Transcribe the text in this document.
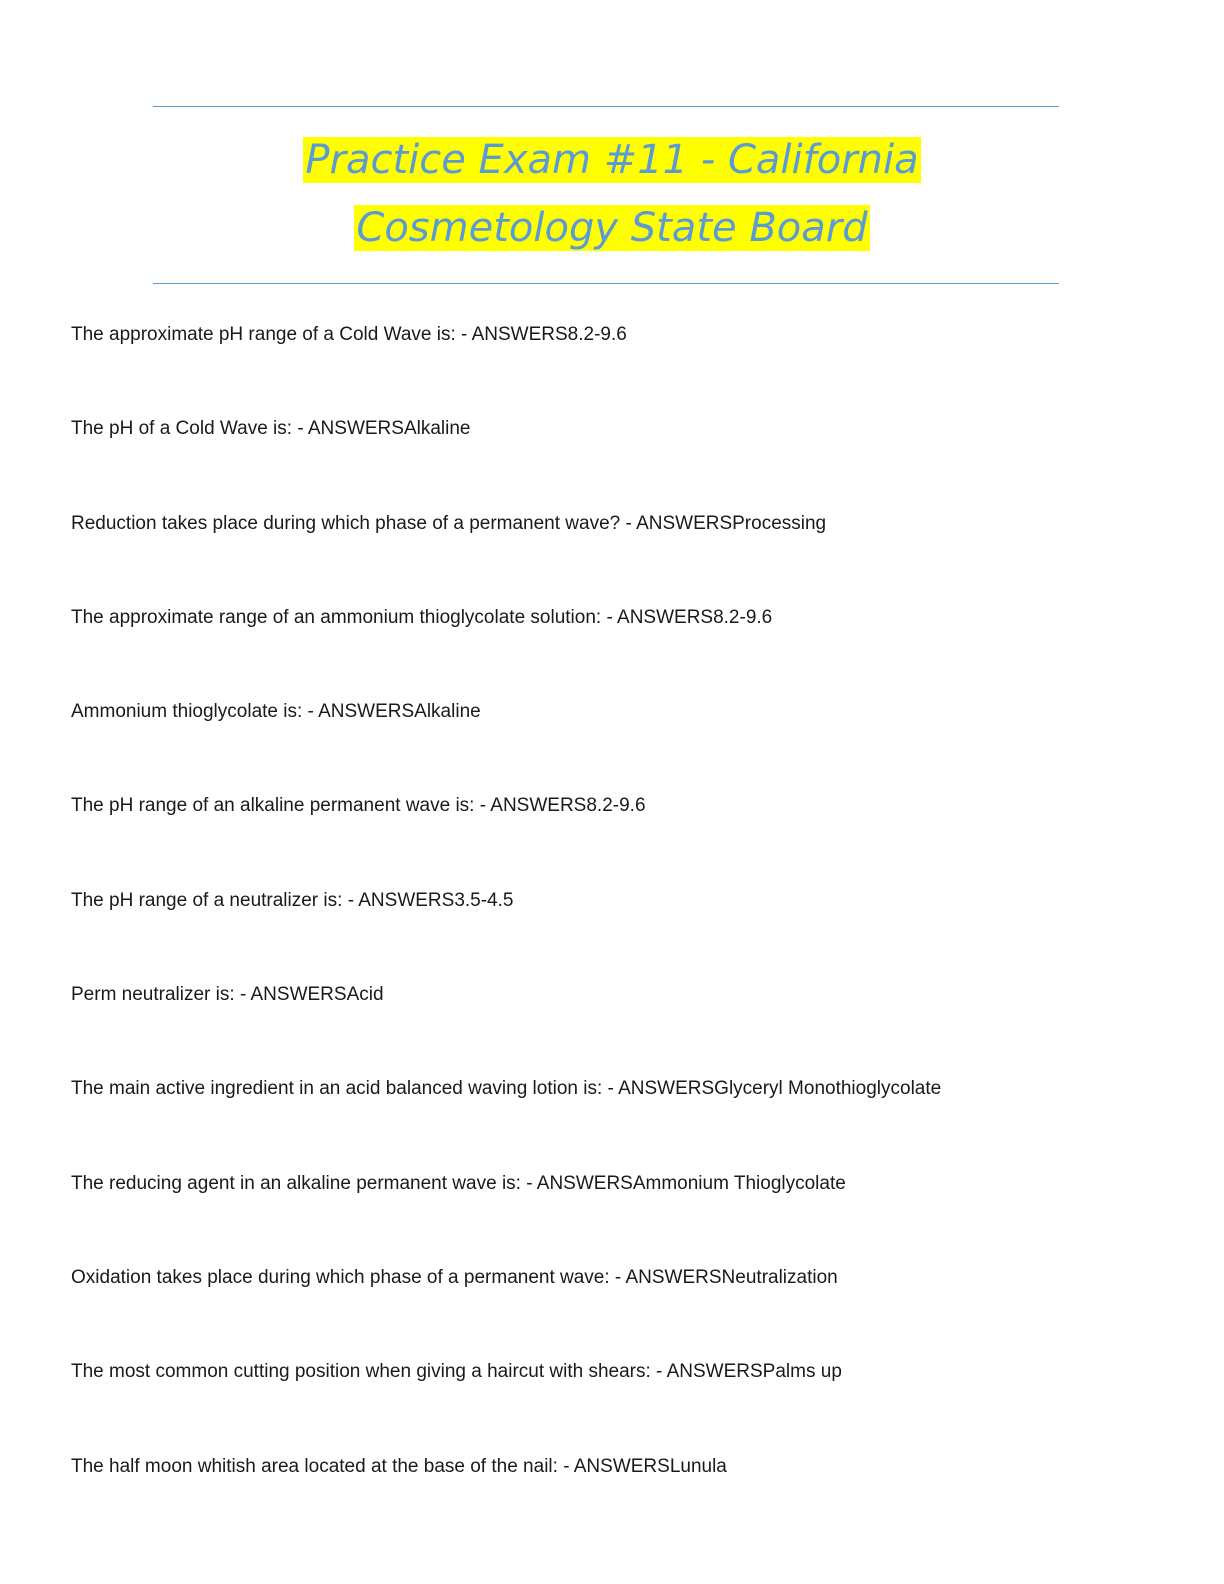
Practice Exam #11 - California
Cosmetology State Board
The approximate pH range of a Cold Wave is: - ANSWERS8.2-9.6
The pH of a Cold Wave is: - ANSWERSAlkaline
Reduction takes place during which phase of a permanent wave? - ANSWERSProcessing
The approximate range of an ammonium thioglycolate solution: - ANSWERS8.2-9.6
Ammonium thioglycolate is: - ANSWERSAlkaline
The pH range of an alkaline permanent wave is: - ANSWERS8.2-9.6
The pH range of a neutralizer is: - ANSWERS3.5-4.5
Perm neutralizer is: - ANSWERSAcid
The main active ingredient in an acid balanced waving lotion is: - ANSWERSGlyceryl Monothioglycolate
The reducing agent in an alkaline permanent wave is: - ANSWERSAmmonium Thioglycolate
Oxidation takes place during which phase of a permanent wave: - ANSWERSNeutralization
The most common cutting position when giving a haircut with shears: - ANSWERSPalms up
The half moon whitish area located at the base of the nail: - ANSWERSLunula
